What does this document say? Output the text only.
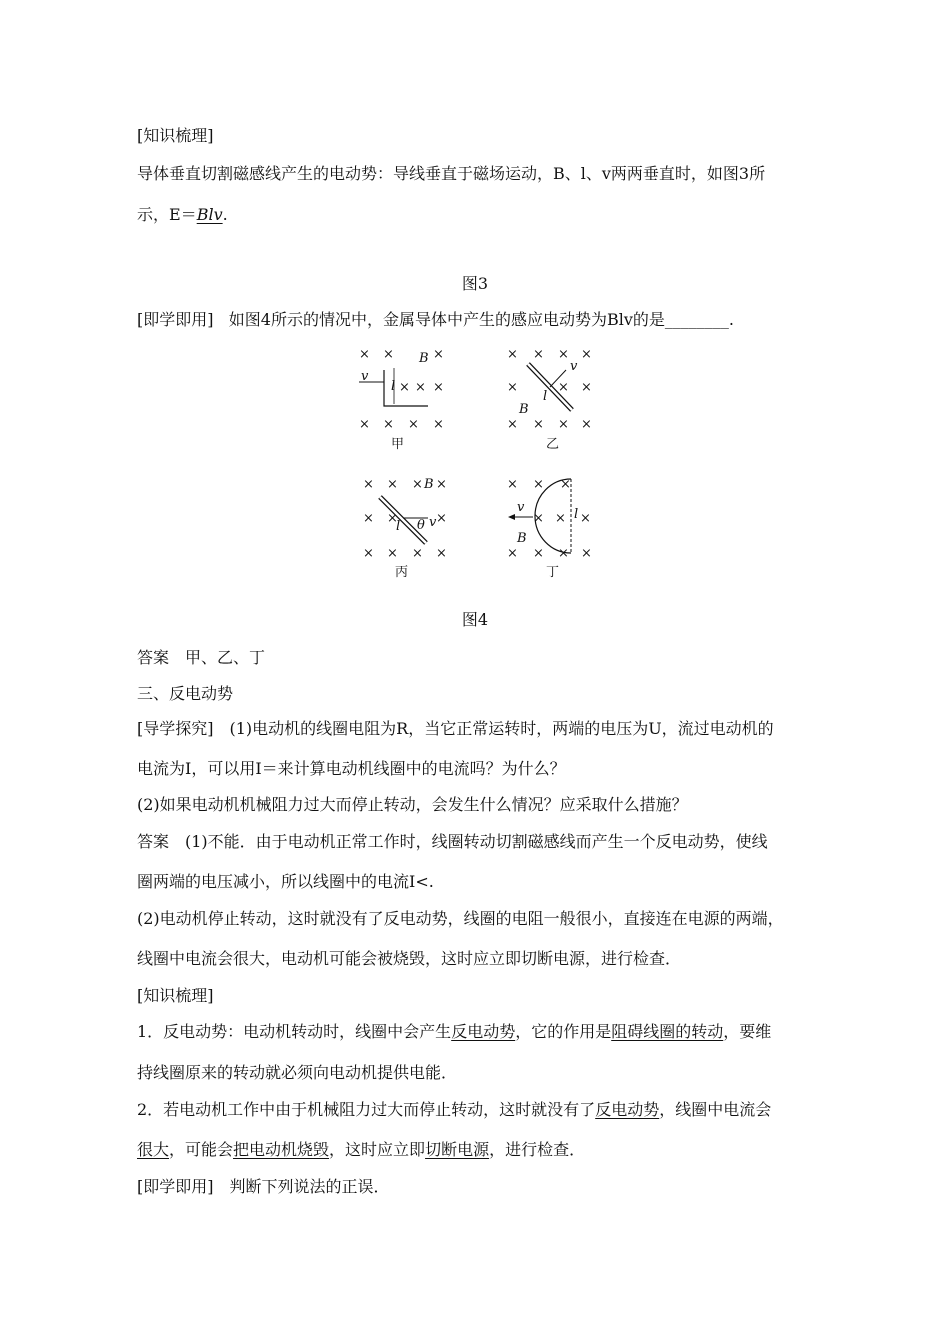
[知识梳理]
导体垂直切割磁感线产生的电动势：导线垂直于磁场运动，B、l、v两两垂直时，如图3所
示，E＝Blv.
图3
[即学即用] 如图4所示的情况中，金属导体中产生的感应电动势为Blv的是________.
× × B ×
× × ×
× × × ×
v
l
甲
× × × ×
×	× ×
× × × ×
v
l
B
乙
× × × B ×
× ×	×
× × × ×
l θ v
丙
× × ×
× × l ×
× × × ×
v
B
丁
图4
答案　甲、乙、丁
三、反电动势
[导学探究]　(1)电动机的线圈电阻为R，当它正常运转时，两端的电压为U，流过电动机的
电流为I，可以用I＝来计算电动机线圈中的电流吗？为什么？
(2)如果电动机机械阻力过大而停止转动，会发生什么情况？应采取什么措施？
答案　(1)不能．由于电动机正常工作时，线圈转动切割磁感线而产生一个反电动势，使线
圈两端的电压减小，所以线圈中的电流I<.
(2)电动机停止转动，这时就没有了反电动势，线圈的电阻一般很小，直接连在电源的两端，
线圈中电流会很大，电动机可能会被烧毁，这时应立即切断电源，进行检查．
[知识梳理]
1．反电动势：电动机转动时，线圈中会产生反电动势，它的作用是阻碍线圈的转动，要维
持线圈原来的转动就必须向电动机提供电能．
2．若电动机工作中由于机械阻力过大而停止转动，这时就没有了反电动势，线圈中电流会
很大，可能会把电动机烧毁，这时应立即切断电源，进行检查．
[即学即用]　判断下列说法的正误．
